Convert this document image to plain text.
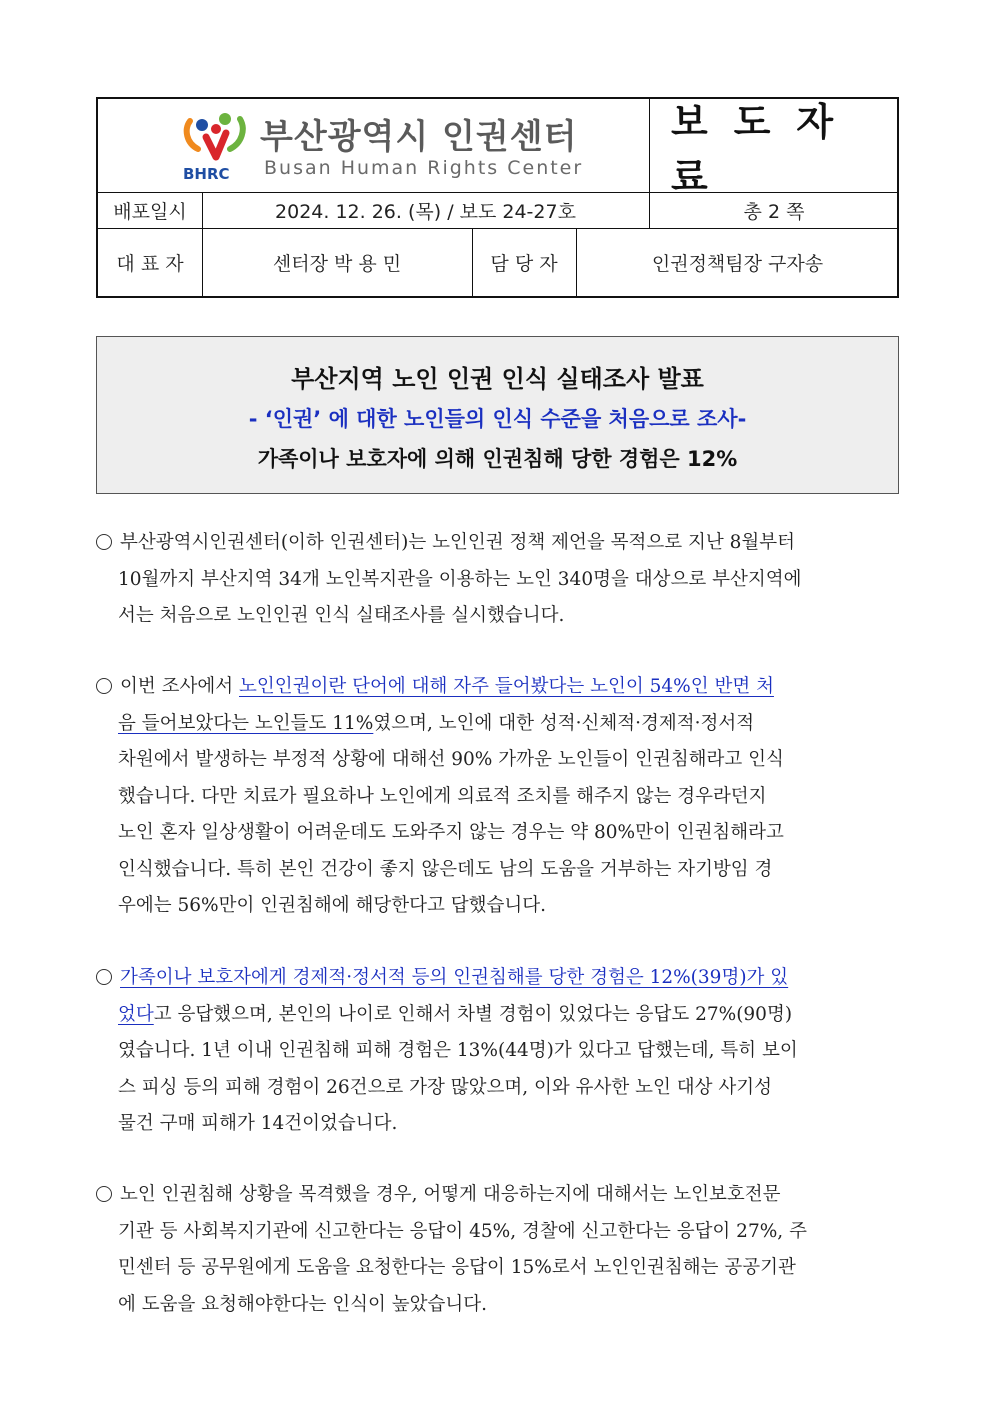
BHRC
부산광역시 인권센터
Busan Human Rights Center
보도자료
배포일시	2024. 12. 26. (목) / 보도 24-27호	총 2 쪽
대 표 자	센터장 박 용 민	담 당 자	인권정책팀장 구자송
부산지역 노인 인권 인식 실태조사 발표
- ‘인권’ 에 대한 노인들의 인식 수준을 처음으로 조사-
가족이나 보호자에 의해 인권침해 당한 경험은 12%
부산광역시인권센터(이하 인권센터)는 노인인권 정책 제언을 목적으로 지난 8월부터
10월까지 부산지역 34개 노인복지관을 이용하는 노인 340명을 대상으로 부산지역에
서는 처음으로 노인인권 인식 실태조사를 실시했습니다.
이번 조사에서 노인인권이란 단어에 대해 자주 들어봤다는 노인이 54%인 반면 처
음 들어보았다는 노인들도 11%였으며, 노인에 대한 성적·신체적·경제적·정서적
차원에서 발생하는 부정적 상황에 대해선 90% 가까운 노인들이 인권침해라고 인식
했습니다. 다만 치료가 필요하나 노인에게 의료적 조치를 해주지 않는 경우라던지
노인 혼자 일상생활이 어려운데도 도와주지 않는 경우는 약 80%만이 인권침해라고
인식했습니다. 특히 본인 건강이 좋지 않은데도 남의 도움을 거부하는 자기방임 경
우에는 56%만이 인권침해에 해당한다고 답했습니다.
가족이나 보호자에게 경제적·정서적 등의 인권침해를 당한 경험은 12%(39명)가 있
었다고 응답했으며, 본인의 나이로 인해서 차별 경험이 있었다는 응답도 27%(90명)
였습니다. 1년 이내 인권침해 피해 경험은 13%(44명)가 있다고 답했는데, 특히 보이
스 피싱 등의 피해 경험이 26건으로 가장 많았으며, 이와 유사한 노인 대상 사기성
물건 구매 피해가 14건이었습니다.
노인 인권침해 상황을 목격했을 경우, 어떻게 대응하는지에 대해서는 노인보호전문
기관 등 사회복지기관에 신고한다는 응답이 45%, 경찰에 신고한다는 응답이 27%, 주
민센터 등 공무원에게 도움을 요청한다는 응답이 15%로서 노인인권침해는 공공기관
에 도움을 요청해야한다는 인식이 높았습니다.
